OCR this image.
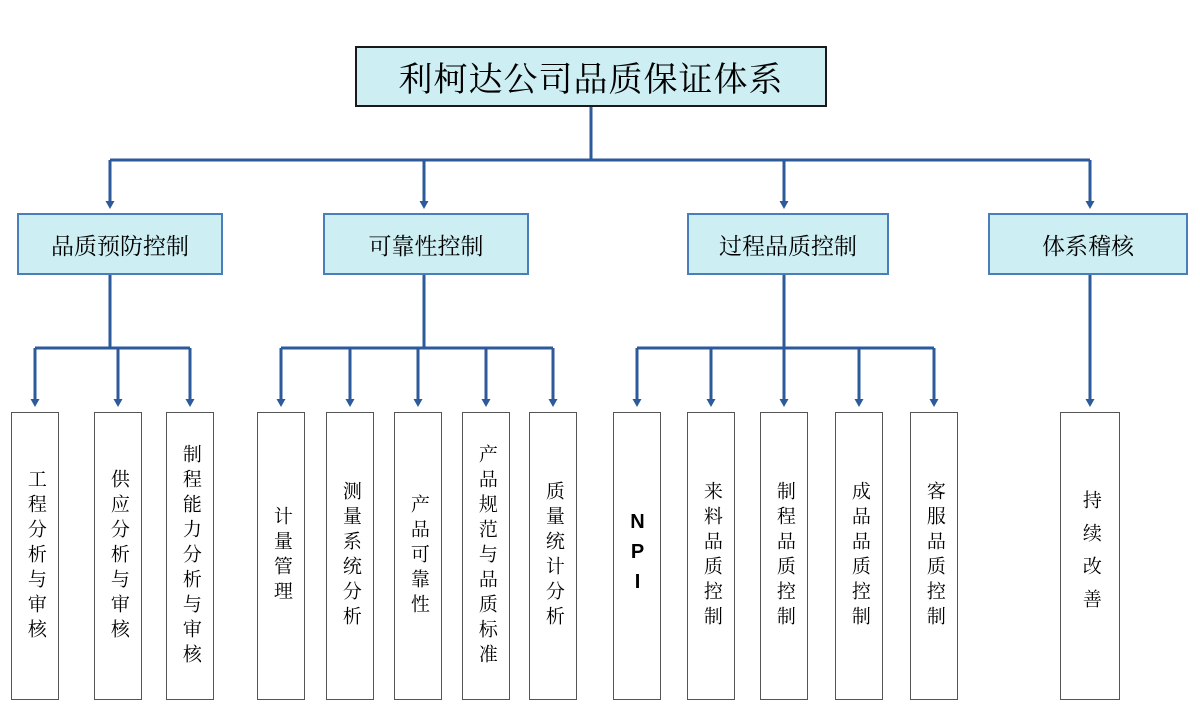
利柯达公司品质保证体系
品质预防控制	可靠性控制	过程品质控制	体系稽核
工程分析与审核	供应分析与审核	制程能力分析与审核	计量管理	测量系统分析	产品可靠性	产品规范与品质标准	质量统计分析	NPI	来料品质控制	制程品质控制	成品品质控制	客服品质控制	持续改善
